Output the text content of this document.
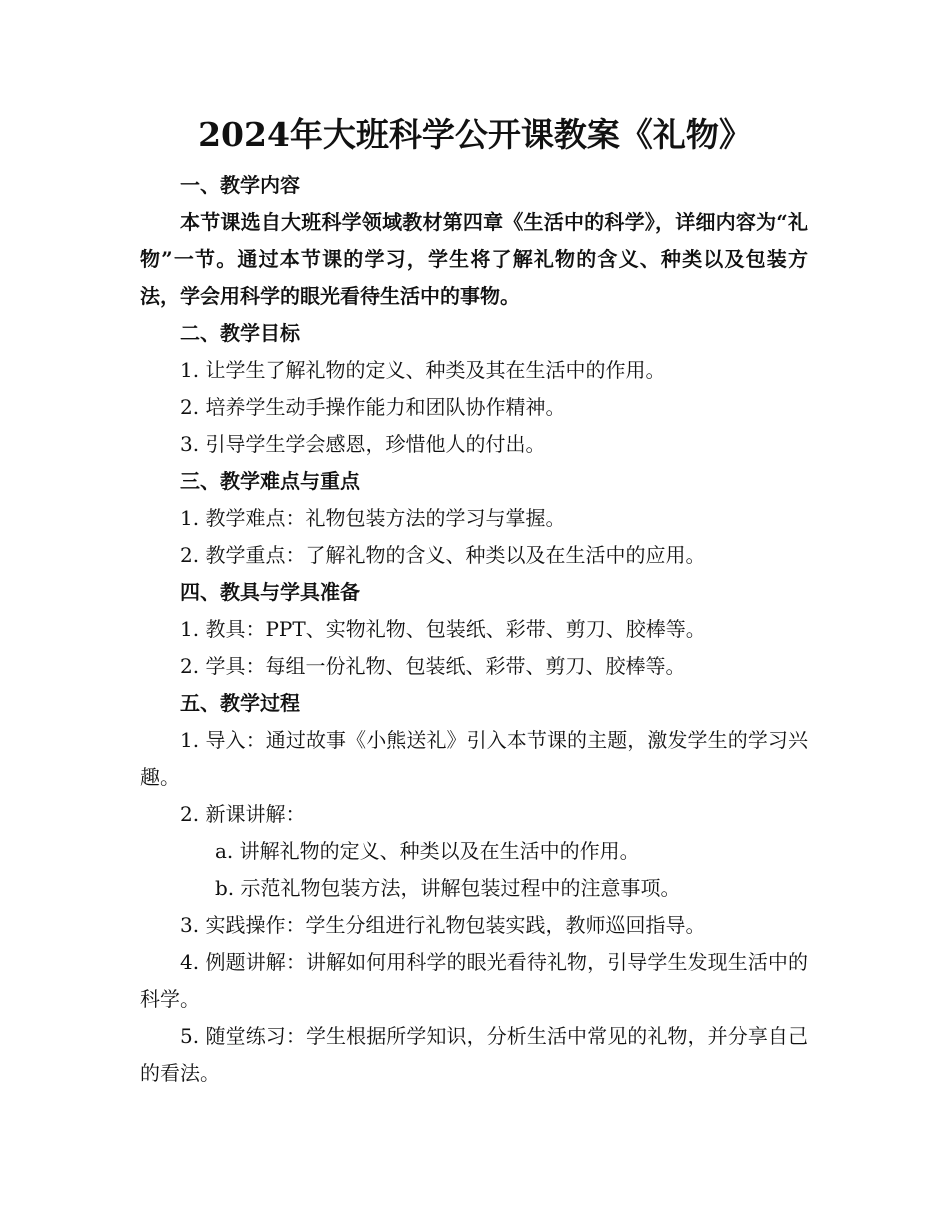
2024年大班科学公开课教案《礼物》

一、教学内容

本节课选自大班科学领域教材第四章《生活中的科学》，详细内容为“礼物”一节。通过本节课的学习，学生将了解礼物的含义、种类以及包装方法，学会用科学的眼光看待生活中的事物。

二、教学目标

1. 让学生了解礼物的定义、种类及其在生活中的作用。

2. 培养学生动手操作能力和团队协作精神。

3. 引导学生学会感恩，珍惜他人的付出。

三、教学难点与重点

1. 教学难点：礼物包装方法的学习与掌握。

2. 教学重点：了解礼物的含义、种类以及在生活中的应用。

四、教具与学具准备

1. 教具：PPT、实物礼物、包装纸、彩带、剪刀、胶棒等。

2. 学具：每组一份礼物、包装纸、彩带、剪刀、胶棒等。

五、教学过程

1. 导入：通过故事《小熊送礼》引入本节课的主题，激发学生的学习兴趣。

2. 新课讲解：

a. 讲解礼物的定义、种类以及在生活中的作用。

b. 示范礼物包装方法，讲解包装过程中的注意事项。

3. 实践操作：学生分组进行礼物包装实践，教师巡回指导。

4. 例题讲解：讲解如何用科学的眼光看待礼物，引导学生发现生活中的科学。

5. 随堂练习：学生根据所学知识，分析生活中常见的礼物，并分享自己的看法。
